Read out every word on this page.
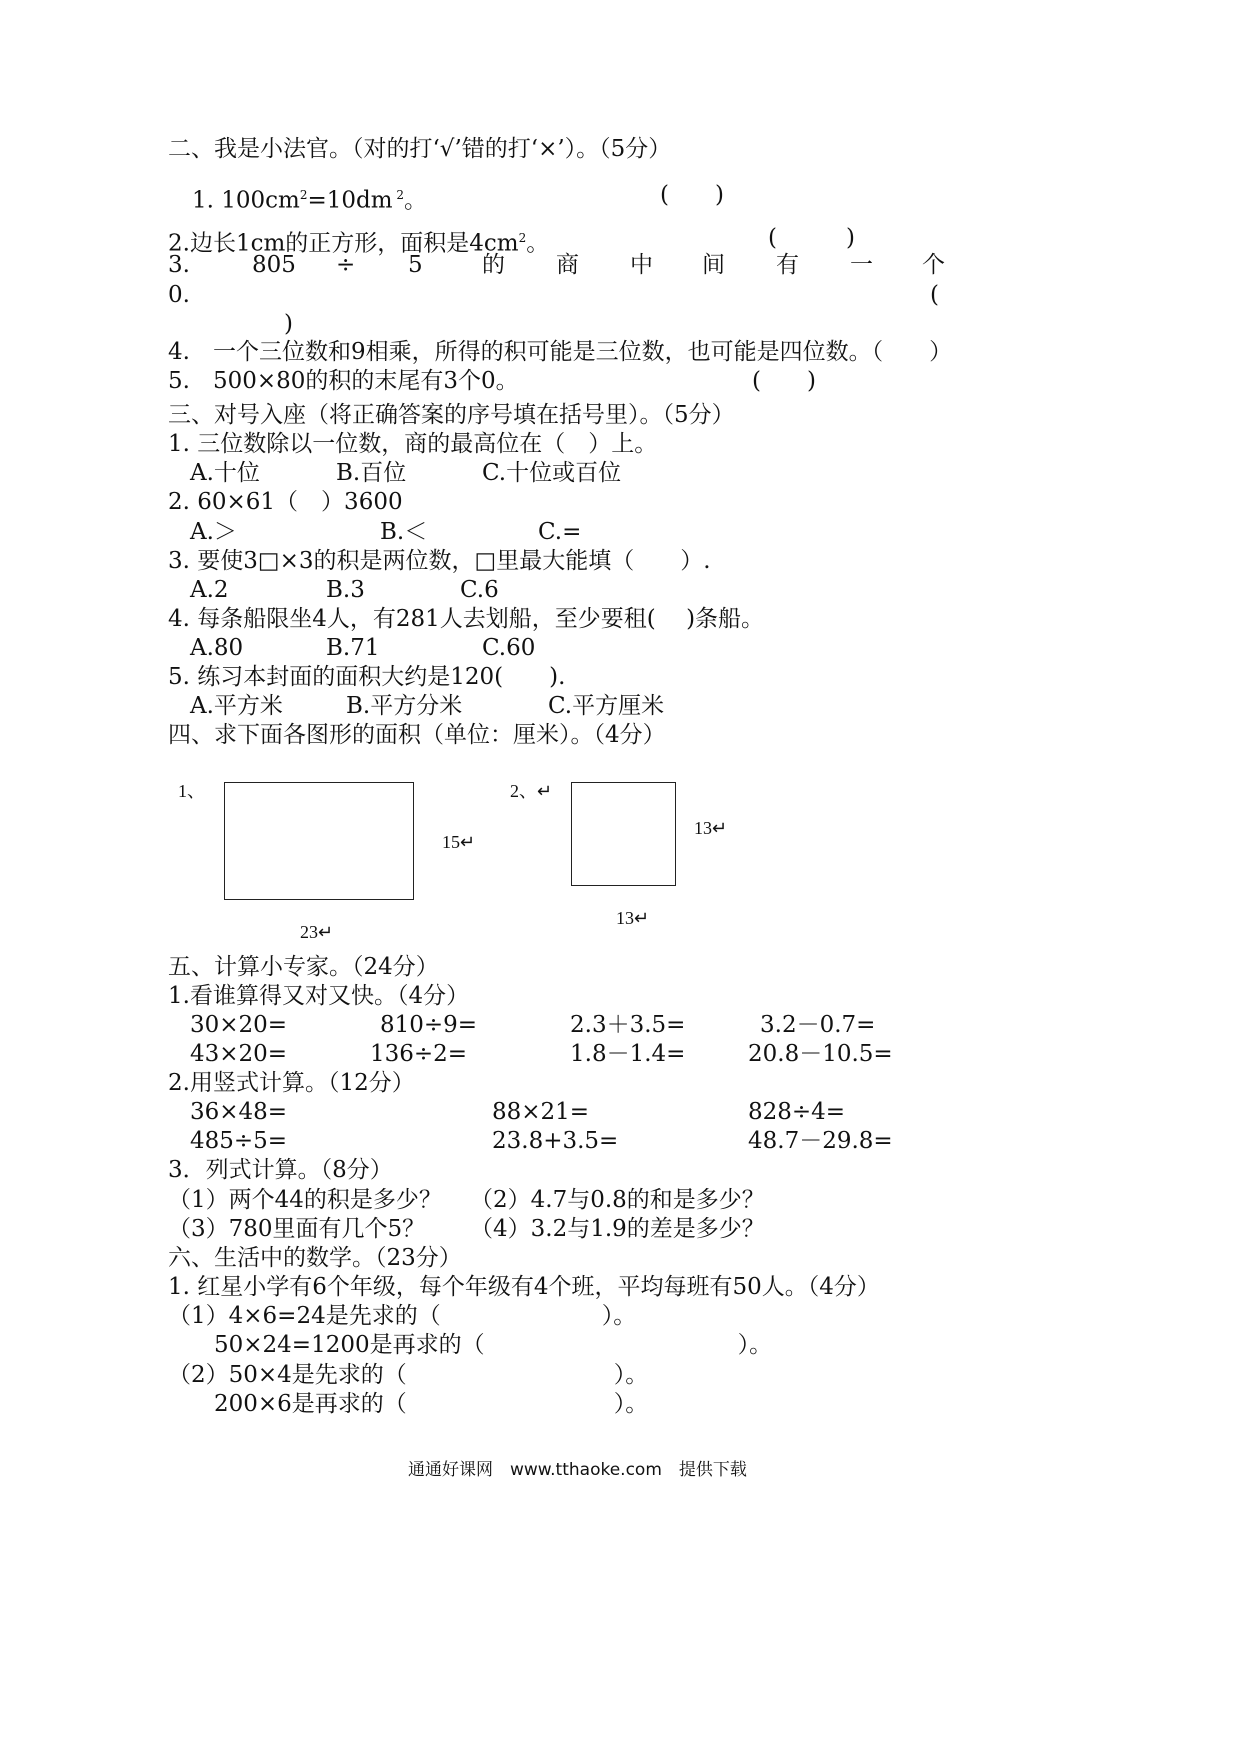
二、我是小法官。（对的打‘√’错的打‘×’）。（5分）
1. $100cm^2=10dm$ $^2$。	(　　)
2.边长1cm的正方形，面积是$4cm^2$。	(　　　)
3.	805 ÷ 5	的 商 中 间 有 一 个
0.	(
)
4.　一个三位数和9相乘，所得的积可能是三位数，也可能是四位数。（　　）
5.　500×80的积的末尾有3个0。	(　　)
三、对号入座（将正确答案的序号填在括号里）。（5分）
1. 三位数除以一位数，商的最高位在（　）上。
A.十位	B.百位	C.十位或百位
2. 60×61（　）3600
A.＞	B.＜	C.=
3. 要使3□×3的积是两位数，□里最大能填（　　）.
A.2	B.3	C.6
4. 每条船限坐4人，有281人去划船，至少要租(　 )条船。
A.80	B.71	C.60
5. 练习本封面的面积大约是120(　　).
A.平方米	B.平方分米	C.平方厘米
四、求下面各图形的面积（单位：厘米）。（4分）
1、
15↵
23↵
2、↵
13↵
13↵
五、计算小专家。（24分）
1.看谁算得又对又快。（4分）
30×20=	810÷9=	2.3＋3.5=	3.2－0.7=
43×20=	136÷2=	1.8－1.4=	20.8－10.5=
2.用竖式计算。（12分）
36×48=	88×21=	828÷4=
485÷5=	23.8+3.5=	48.7－29.8=
3．列式计算。（8分）
（1）两个44的积是多少？ （2）4.7与0.8的和是多少？
（3）780里面有几个5？ （4）3.2与1.9的差是多少？
六、生活中的数学。（23分）
1. 红星小学有6个年级，每个年级有4个班，平均每班有50人。（4分）
（1）4×6=24是先求的（　　　　　　　）。
　　50×24=1200是再求的（　　　　　　　　　　　）。
（2）50×4是先求的（　　　　　　　　　）。
　　200×6是再求的（　　　　　　　　　）。
通通好课网　www.tthaoke.com　提供下载
